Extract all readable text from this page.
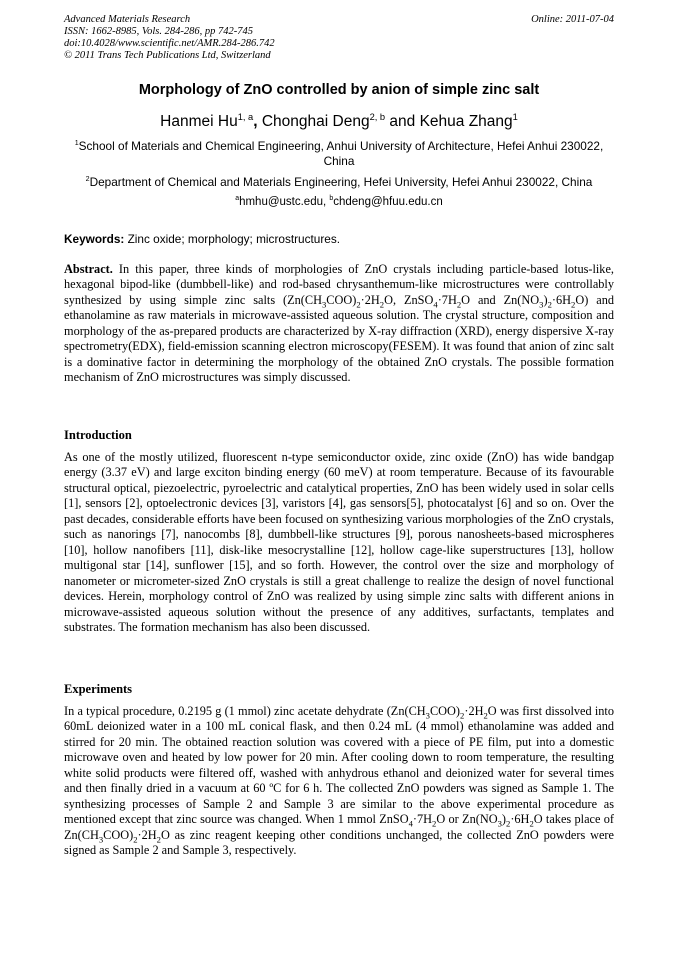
Advanced Materials Research
ISSN: 1662-8985, Vols. 284-286, pp 742-745
doi:10.4028/www.scientific.net/AMR.284-286.742
© 2011 Trans Tech Publications Ltd, Switzerland
Online: 2011-07-04
Morphology of ZnO controlled by anion of simple zinc salt
Hanmei Hu$^{1, a}$, Chonghai Deng$^{2, b}$ and Kehua Zhang$^1$
$^1$School of Materials and Chemical Engineering, Anhui University of Architecture, Hefei Anhui 230022, China
$^2$Department of Chemical and Materials Engineering, Hefei University, Hefei Anhui 230022, China
$^a$hmhu@ustc.edu, $^b$chdeng@hfuu.edu.cn
Keywords: Zinc oxide; morphology; microstructures.
Abstract. In this paper, three kinds of morphologies of ZnO crystals including particle-based lotus-like, hexagonal bipod-like (dumbbell-like) and rod-based chrysanthemum-like microstructures were controllably synthesized by using simple zinc salts ($Zn(CH_3COO)_2\cdot 2H_2O$, $ZnSO_4\cdot 7H_2O$ and $Zn(NO_3)_2\cdot 6H_2O$) and ethanolamine as raw materials in microwave-assisted aqueous solution. The crystal structure, composition and morphology of the as-prepared products are characterized by X-ray diffraction (XRD), energy dispersive X-ray spectrometry(EDX), field-emission scanning electron microscopy(FESEM). It was found that anion of zinc salt is a dominative factor in determining the morphology of the obtained ZnO crystals. The possible formation mechanism of ZnO microstructures was simply discussed.
Introduction
As one of the mostly utilized, fluorescent n-type semiconductor oxide, zinc oxide (ZnO) has wide bandgap energy (3.37 eV) and large exciton binding energy (60 meV) at room temperature. Because of its favourable structural optical, piezoelectric, pyroelectric and catalytical properties, ZnO has been widely used in solar cells [1], sensors [2], optoelectronic devices [3], varistors [4], gas sensors[5], photocatalyst [6] and so on. Over the past decades, considerable efforts have been focused on synthesizing various morphologies of the ZnO crystals, such as nanorings [7], nanocombs [8], dumbbell-like structures [9], porous nanosheets-based microspheres [10], hollow nanofibers [11], disk-like mesocrystalline [12], hollow cage-like superstructures [13], hollow multigonal star [14], sunflower [15], and so forth. However, the control over the size and morphology of nanometer or micrometer-sized ZnO crystals is still a great challenge to realize the design of novel functional devices. Herein, morphology control of ZnO was realized by using simple zinc salts with different anions in microwave-assisted aqueous solution without the presence of any additives, surfactants, templates and substrates. The formation mechanism has also been discussed.
Experiments
In a typical procedure, 0.2195 g (1 mmol) zinc acetate dehydrate ($Zn(CH_3COO)_2\cdot 2H_2O$ was first dissolved into 60mL deionized water in a 100 mL conical flask, and then 0.24 mL (4 mmol) ethanolamine was added and stirred for 20 min. The obtained reaction solution was covered with a piece of PE film, put into a domestic microwave oven and heated by low power for 20 min. After cooling down to room temperature, the resulting white solid products were filtered off, washed with anhydrous ethanol and deionized water for several times and then finally dried in a vacuum at 60 ºC for 6 h. The collected ZnO powders was signed as Sample 1. The synthesizing processes of Sample 2 and Sample 3 are similar to the above experimental procedure as mentioned except that zinc source was changed. When 1 mmol $ZnSO_4\cdot 7H_2O$ or $Zn(NO_3)_2\cdot 6H_2O$ takes place of $Zn(CH_3COO)_2\cdot 2H_2O$ as zinc reagent keeping other conditions unchanged, the collected ZnO powders were signed as Sample 2 and Sample 3, respectively.
